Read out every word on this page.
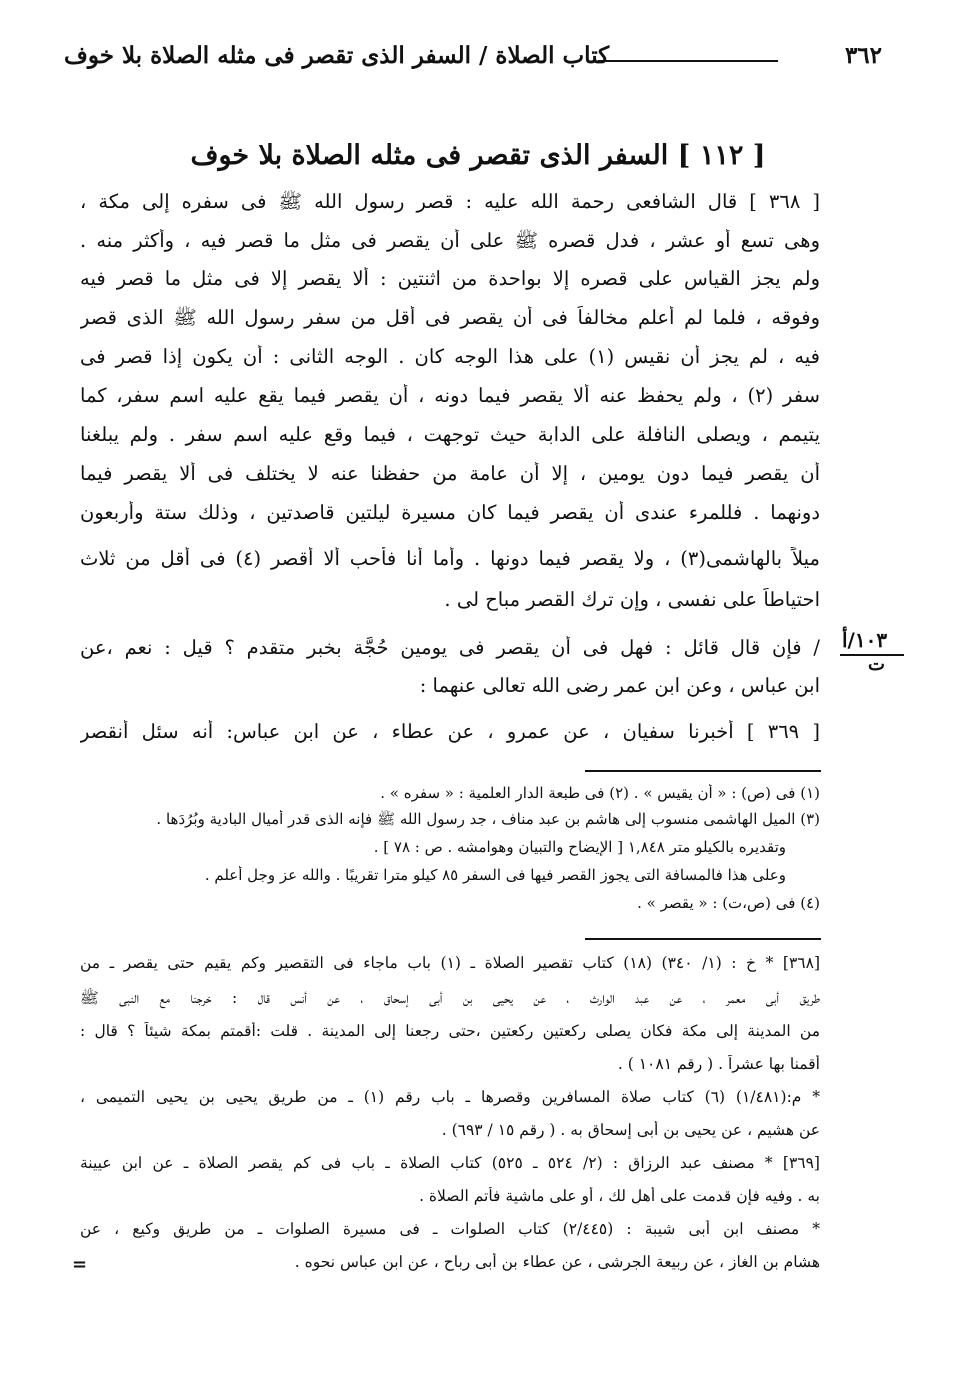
٣٦٢
كتاب الصلاة / السفر الذى تقصر فى مثله الصلاة بلا خوف
[ ١١٢ ] السفر الذى تقصر فى مثله الصلاة بلا خوف
[ ٣٦٨ ] قال الشافعى رحمة الله عليه : قصر رسول الله ﷺ فى سفره إلى مكة ،
وهى تسع أو عشر ، فدل قصره ﷺ على أن يقصر فى مثل ما قصر فيه ، وأكثر منه .
ولم يجز القياس على قصره إلا بواحدة من اثنتين : ألا يقصر إلا فى مثل ما قصر فيه
وفوقه ، فلما لم أعلم مخالفاً فى أن يقصر فى أقل من سفر رسول الله ﷺ الذى قصر
فيه ، لم يجز أن نقيس (١) على هذا الوجه كان . الوجه الثانى : أن يكون إذا قصر فى
سفر (٢) ، ولم يحفظ عنه ألا يقصر فيما دونه ، أن يقصر فيما يقع عليه اسم سفر، كما
يتيمم ، ويصلى النافلة على الدابة حيث توجهت ، فيما وقع عليه اسم سفر . ولم يبلغنا
أن يقصر فيما دون يومين ، إلا أن عامة من حفظنا عنه لا يختلف فى ألا يقصر فيما
دونهما . فللمرء عندى أن يقصر فيما كان مسيرة ليلتين قاصدتين ، وذلك ستة وأربعون
ميلاً بالهاشمى(٣) ، ولا يقصر فيما دونها . وأما أنا فأحب ألا أقصر (٤) فى أقل من ثلاث
احتياطاً على نفسى ، وإن ترك القصر مباح لى .
/ فإن قال قائل : فهل فى أن يقصر فى يومين حُجَّة بخبر متقدم ؟ قيل : نعم ،عن
ابن عباس ، وعن ابن عمر رضى الله تعالى عنهما :
[ ٣٦٩ ] أخبرنا سفيان ، عن عمرو ، عن عطاء ، عن ابن عباس: أنه سئل أنقصر
١٠٣/أ
ت
(١) فى (ص) : « أن يقيس » . (٢) فى طبعة الدار العلمية : « سفره » .
(٣) الميل الهاشمى منسوب إلى هاشم بن عبد مناف ، جد رسول الله ﷺ فإنه الذى قدر أميال البادية وبُرُدَها .
وتقديره بالكيلو متر ١,٨٤٨ [ الإيضاح والتبيان وهوامشه . ص : ٧٨ ] .
وعلى هذا فالمسافة التى يجوز القصر فيها فى السفر ٨٥ كيلو مترا تقريبًا . والله عز وجل أعلم .
(٤) فى (ص،ت) : « يقصر » .
[٣٦٨] * خ : (١/ ٣٤٠) (١٨) كتاب تقصير الصلاة ـ (١) باب ماجاء فى التقصير وكم يقيم حتى يقصر ـ من
طريق أبى معمر ، عن عبد الوارث ، عن يحيى بن أبى إسحاق ، عن أنس قال : خرجنا مع النبى ﷺ
من المدينة إلى مكة فكان يصلى ركعتين ركعتين ،حتى رجعنا إلى المدينة . قلت :أقمتم بمكة شيئاً ؟ قال :
أقمنا بها عشراً . ( رقم ١٠٨١ ) .
* م:(١/٤٨١) (٦) كتاب صلاة المسافرين وقصرها ـ باب رقم (١) ـ من طريق يحيى بن يحيى التميمى ،
عن هشيم ، عن يحيى بن أبى إسحاق به . ( رقم ١٥ / ٦٩٣) .
[٣٦٩] * مصنف عبد الرزاق : (٢/ ٥٢٤ ـ ٥٢٥) كتاب الصلاة ـ باب فى كم يقصر الصلاة ـ عن ابن عيينة
به . وفيه فإن قدمت على أهلٍ لك ، أو على ماشية فأتم الصلاة .
* مصنف ابن أبى شيبة : (٢/٤٤٥) كتاب الصلوات ـ فى مسيرة الصلوات ـ من طريق وكيع ، عن
هشام بن الغاز ، عن ربيعة الجرشى ، عن عطاء بن أبى رباح ، عن ابن عباس نحوه .
=
